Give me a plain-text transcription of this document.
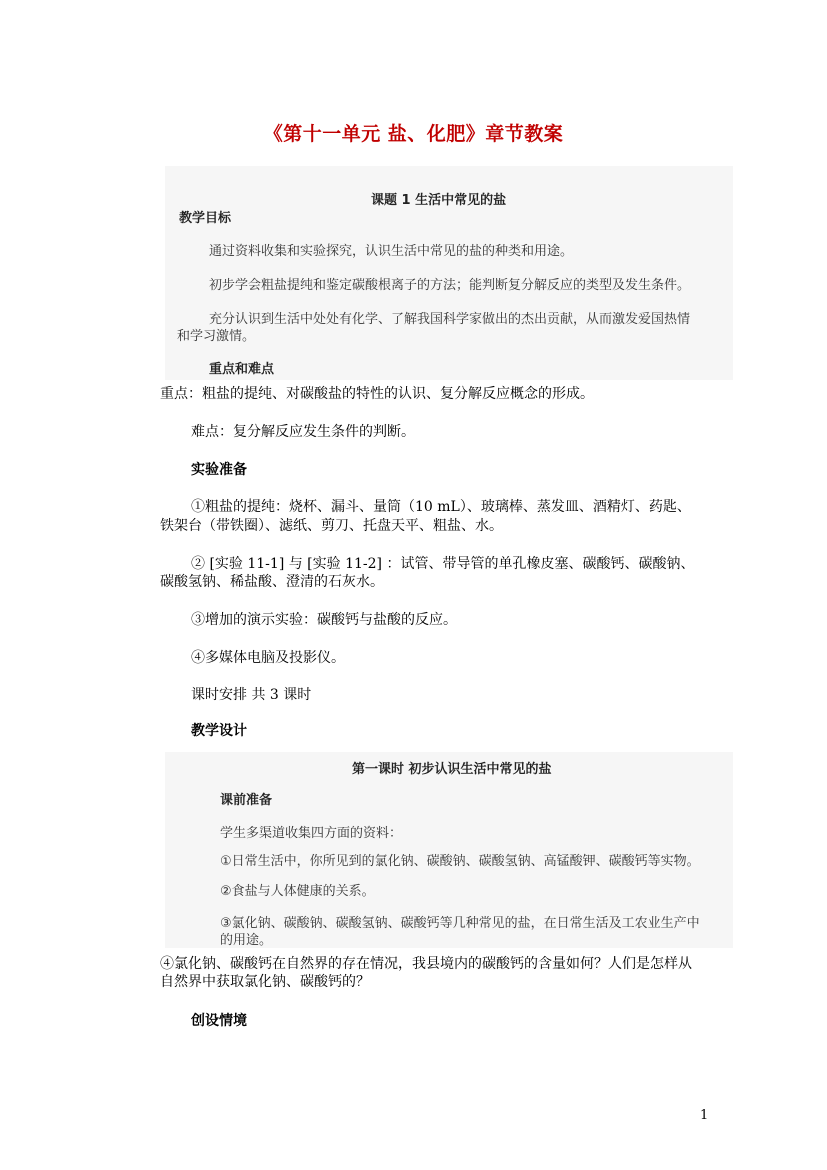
《第十一单元 盐、化肥》章节教案
课题 1 生活中常见的盐
教学目标
通过资料收集和实验探究，认识生活中常见的盐的种类和用途。
初步学会粗盐提纯和鉴定碳酸根离子的方法；能判断复分解反应的类型及发生条件。
充分认识到生活中处处有化学、了解我国科学家做出的杰出贡献，从而激发爱国热情
和学习激情。
重点和难点
重点：粗盐的提纯、对碳酸盐的特性的认识、复分解反应概念的形成。
难点：复分解反应发生条件的判断。
实验准备
①粗盐的提纯：烧杯、漏斗、量筒（10 mL）、玻璃棒、蒸发皿、酒精灯、药匙、
铁架台（带铁圈）、滤纸、剪刀、托盘天平、粗盐、水。
② [实验 11-1] 与 [实验 11-2] ：试管、带导管的单孔橡皮塞、碳酸钙、碳酸钠、
碳酸氢钠、稀盐酸、澄清的石灰水。
③增加的演示实验：碳酸钙与盐酸的反应。
④多媒体电脑及投影仪。
课时安排 共 3 课时
教学设计
第一课时 初步认识生活中常见的盐
课前准备
学生多渠道收集四方面的资料：
①日常生活中，你所见到的氯化钠、碳酸钠、碳酸氢钠、高锰酸钾、碳酸钙等实物。
②食盐与人体健康的关系。
③氯化钠、碳酸钠、碳酸氢钠、碳酸钙等几种常见的盐，在日常生活及工农业生产中
的用途。
④氯化钠、碳酸钙在自然界的存在情况，我县境内的碳酸钙的含量如何？人们是怎样从
自然界中获取氯化钠、碳酸钙的？
创设情境
1
